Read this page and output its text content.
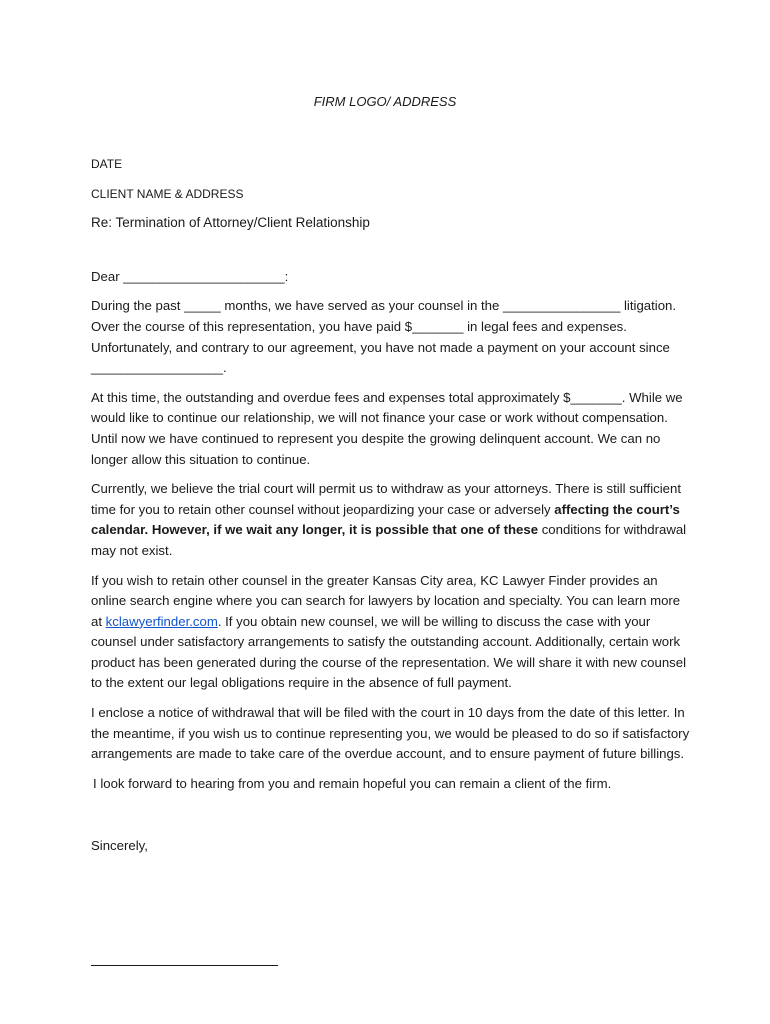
FIRM LOGO/ ADDRESS

DATE

CLIENT NAME & ADDRESS

Re: Termination of Attorney/Client Relationship

Dear ______________________:

During the past _____ months, we have served as your counsel in the ________________ litigation. Over the course of this representation, you have paid $_______ in legal fees and expenses. Unfortunately, and contrary to our agreement, you have not made a payment on your account since __________________.

At this time, the outstanding and overdue fees and expenses total approximately $_______. While we would like to continue our relationship, we will not finance your case or work without compensation. Until now we have continued to represent you despite the growing delinquent account. We can no longer allow this situation to continue.

Currently, we believe the trial court will permit us to withdraw as your attorneys. There is still sufficient time for you to retain other counsel without jeopardizing your case or adversely affecting the court’s calendar. However, if we wait any longer, it is possible that one of these conditions for withdrawal may not exist.

If you wish to retain other counsel in the greater Kansas City area, KC Lawyer Finder provides an online search engine where you can search for lawyers by location and specialty. You can learn more at kclawyerfinder.com. If you obtain new counsel, we will be willing to discuss the case with your counsel under satisfactory arrangements to satisfy the outstanding account. Additionally, certain work product has been generated during the course of the representation. We will share it with new counsel to the extent our legal obligations require in the absence of full payment.

I enclose a notice of withdrawal that will be filed with the court in 10 days from the date of this letter. In the meantime, if you wish us to continue representing you, we would be pleased to do so if satisfactory arrangements are made to take care of the overdue account, and to ensure payment of future billings.

I look forward to hearing from you and remain hopeful you can remain a client of the firm.

Sincerely,
